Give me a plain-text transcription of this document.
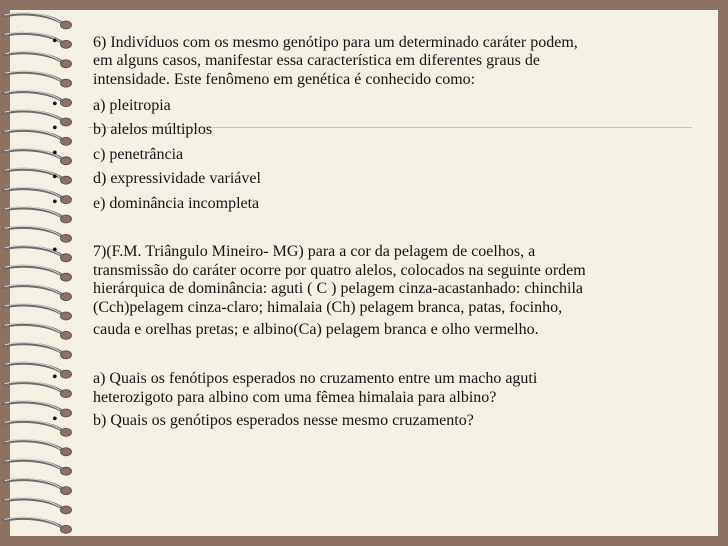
•
•
•
•
•
•
•
•
•
6) Indivíduos com os mesmo genótipo para um determinado caráter podem,
em alguns casos, manifestar essa característica em diferentes graus de
intensidade. Este fenômeno em genética é conhecido como:
a) pleitropia
b) alelos múltiplos
c) penetrância
d) expressividade variável
e) dominância incompleta
7)(F.M. Triângulo Mineiro- MG) para a cor da pelagem de coelhos, a
transmissão do caráter ocorre por quatro alelos, colocados na seguinte ordem
hierárquica de dominância: aguti ( C ) pelagem cinza-acastanhado: chinchila
(Cch)pelagem cinza-claro; himalaia (Ch) pelagem branca, patas, focinho,
cauda e orelhas pretas; e albino(Ca) pelagem branca e olho vermelho.
a) Quais os fenótipos esperados no cruzamento entre um macho aguti
heterozigoto para albino com uma fêmea himalaia para albino?
b) Quais os genótipos esperados nesse mesmo cruzamento?
